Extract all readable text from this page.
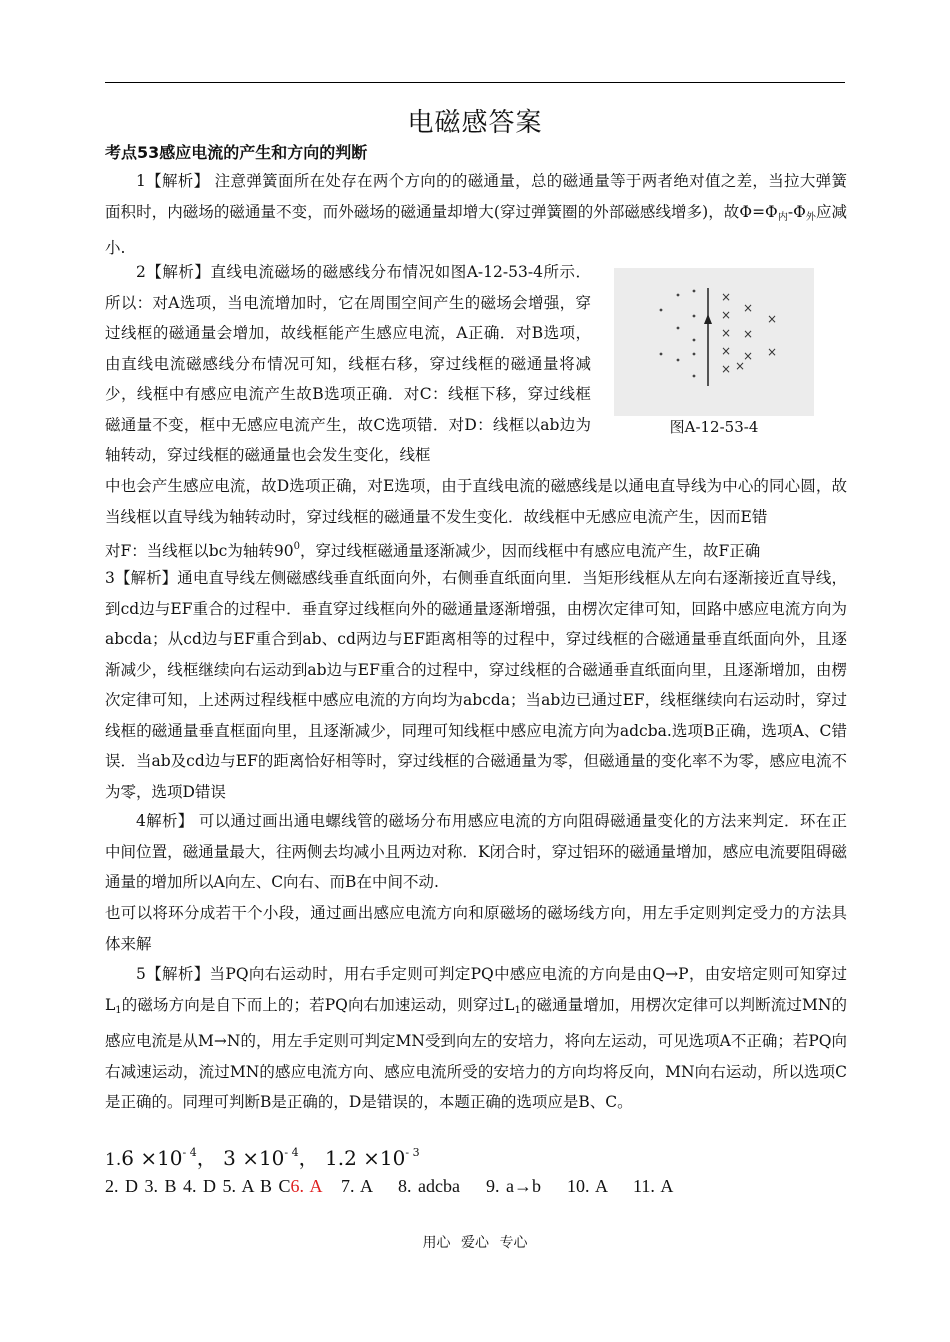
电磁感答案
考点53感应电流的产生和方向的判断

1【解析】 注意弹簧面所在处存在两个方向的的磁通量，总的磁通量等于两者绝对值之差，当拉大弹簧面积时，内磁场的磁通量不变，而外磁场的磁通量却增大(穿过弹簧圈的外部磁感线增多)，故$\Phi=\Phi_内-\Phi_外$应减小.

2【解析】直线电流磁场的磁感线分布情况如图A-12-53-4所示．所以：对A选项，当电流增加时，它在周围空间产生的磁场会增强，穿过线框的磁通量会增加，故线框能产生感应电流，A正确．对B选项，由直线电流磁感线分布情况可知，线框右移，穿过线框的磁通量将减少，线框中有感应电流产生故B选项正确．对C：线框下移，穿过线框磁通量不变，框中无感应电流产生，故C选项错．对D：线框以ab边为轴转动，穿过线框的磁通量也会发生变化，线框

×
×
×
×
×
×
×
×
×
×
×
图A-12-53-4

中也会产生感应电流，故D选项正确，对E选项，由于直线电流的磁感线是以通电直导线为中心的同心圆，故当线框以直导线为轴转动时，穿过线框的磁通量不发生变化．故线框中无感应电流产生，因而E错

对F：当线框以bc为轴转$90^0$，穿过线框磁通量逐渐减少，因而线框中有感应电流产生，故F正确

3【解析】通电直导线左侧磁感线垂直纸面向外，右侧垂直纸面向里．当矩形线框从左向右逐渐接近直导线，到cd边与EF重合的过程中．垂直穿过线框向外的磁通量逐渐增强，由楞次定律可知，回路中感应电流方向为abcda；从cd边与EF重合到ab、cd两边与EF距离相等的过程中，穿过线框的合磁通量垂直纸面向外，且逐渐减少，线框继续向右运动到ab边与EF重合的过程中，穿过线框的合磁通垂直纸面向里，且逐渐增加，由楞次定律可知，上述两过程线框中感应电流的方向均为abcda；当ab边已通过EF，线框继续向右运动时，穿过线框的磁通量垂直框面向里，且逐渐减少，同理可知线框中感应电流方向为adcba.选项B正确，选项A、C错误．当ab及cd边与EF的距离恰好相等时，穿过线框的合磁通量为零，但磁通量的变化率不为零，感应电流不为零，选项D错误

4解析】 可以通过画出通电螺线管的磁场分布用感应电流的方向阻碍磁通量变化的方法来判定．环在正中间位置，磁通量最大，往两侧去均减小且两边对称．K闭合时，穿过铝环的磁通量增加，感应电流要阻碍磁通量的增加所以A向左、C向右、而B在中间不动.

也可以将环分成若干个小段，通过画出感应电流方向和原磁场的磁场线方向，用左手定则判定受力的方法具体来解

5【解析】当PQ向右运动时，用右手定则可判定PQ中感应电流的方向是由Q→P，由安培定则可知穿过$L_1$的磁场方向是自下而上的；若PQ向右加速运动，则穿过$L_1$的磁通量增加，用楞次定律可以判断流过MN的感应电流是从M→N的，用左手定则可判定MN受到向左的安培力，将向左运动，可见选项A不正确；若PQ向右减速运动，流过MN的感应电流方向、感应电流所受的安培力的方向均将反向，MN向右运动，所以选项C是正确的。同理可判断B是正确的，D是错误的，本题正确的选项应是B、C。

$1.6 \times 10^{- 4}$， $3 \times 10^{- 4}$， $1.2 \times 10^{- 3}$
2. D 3. B 4. D 5. A B C6. A   7. A    8. adcba    9. a→b    10. A    11. A
用心 爱心 专心
